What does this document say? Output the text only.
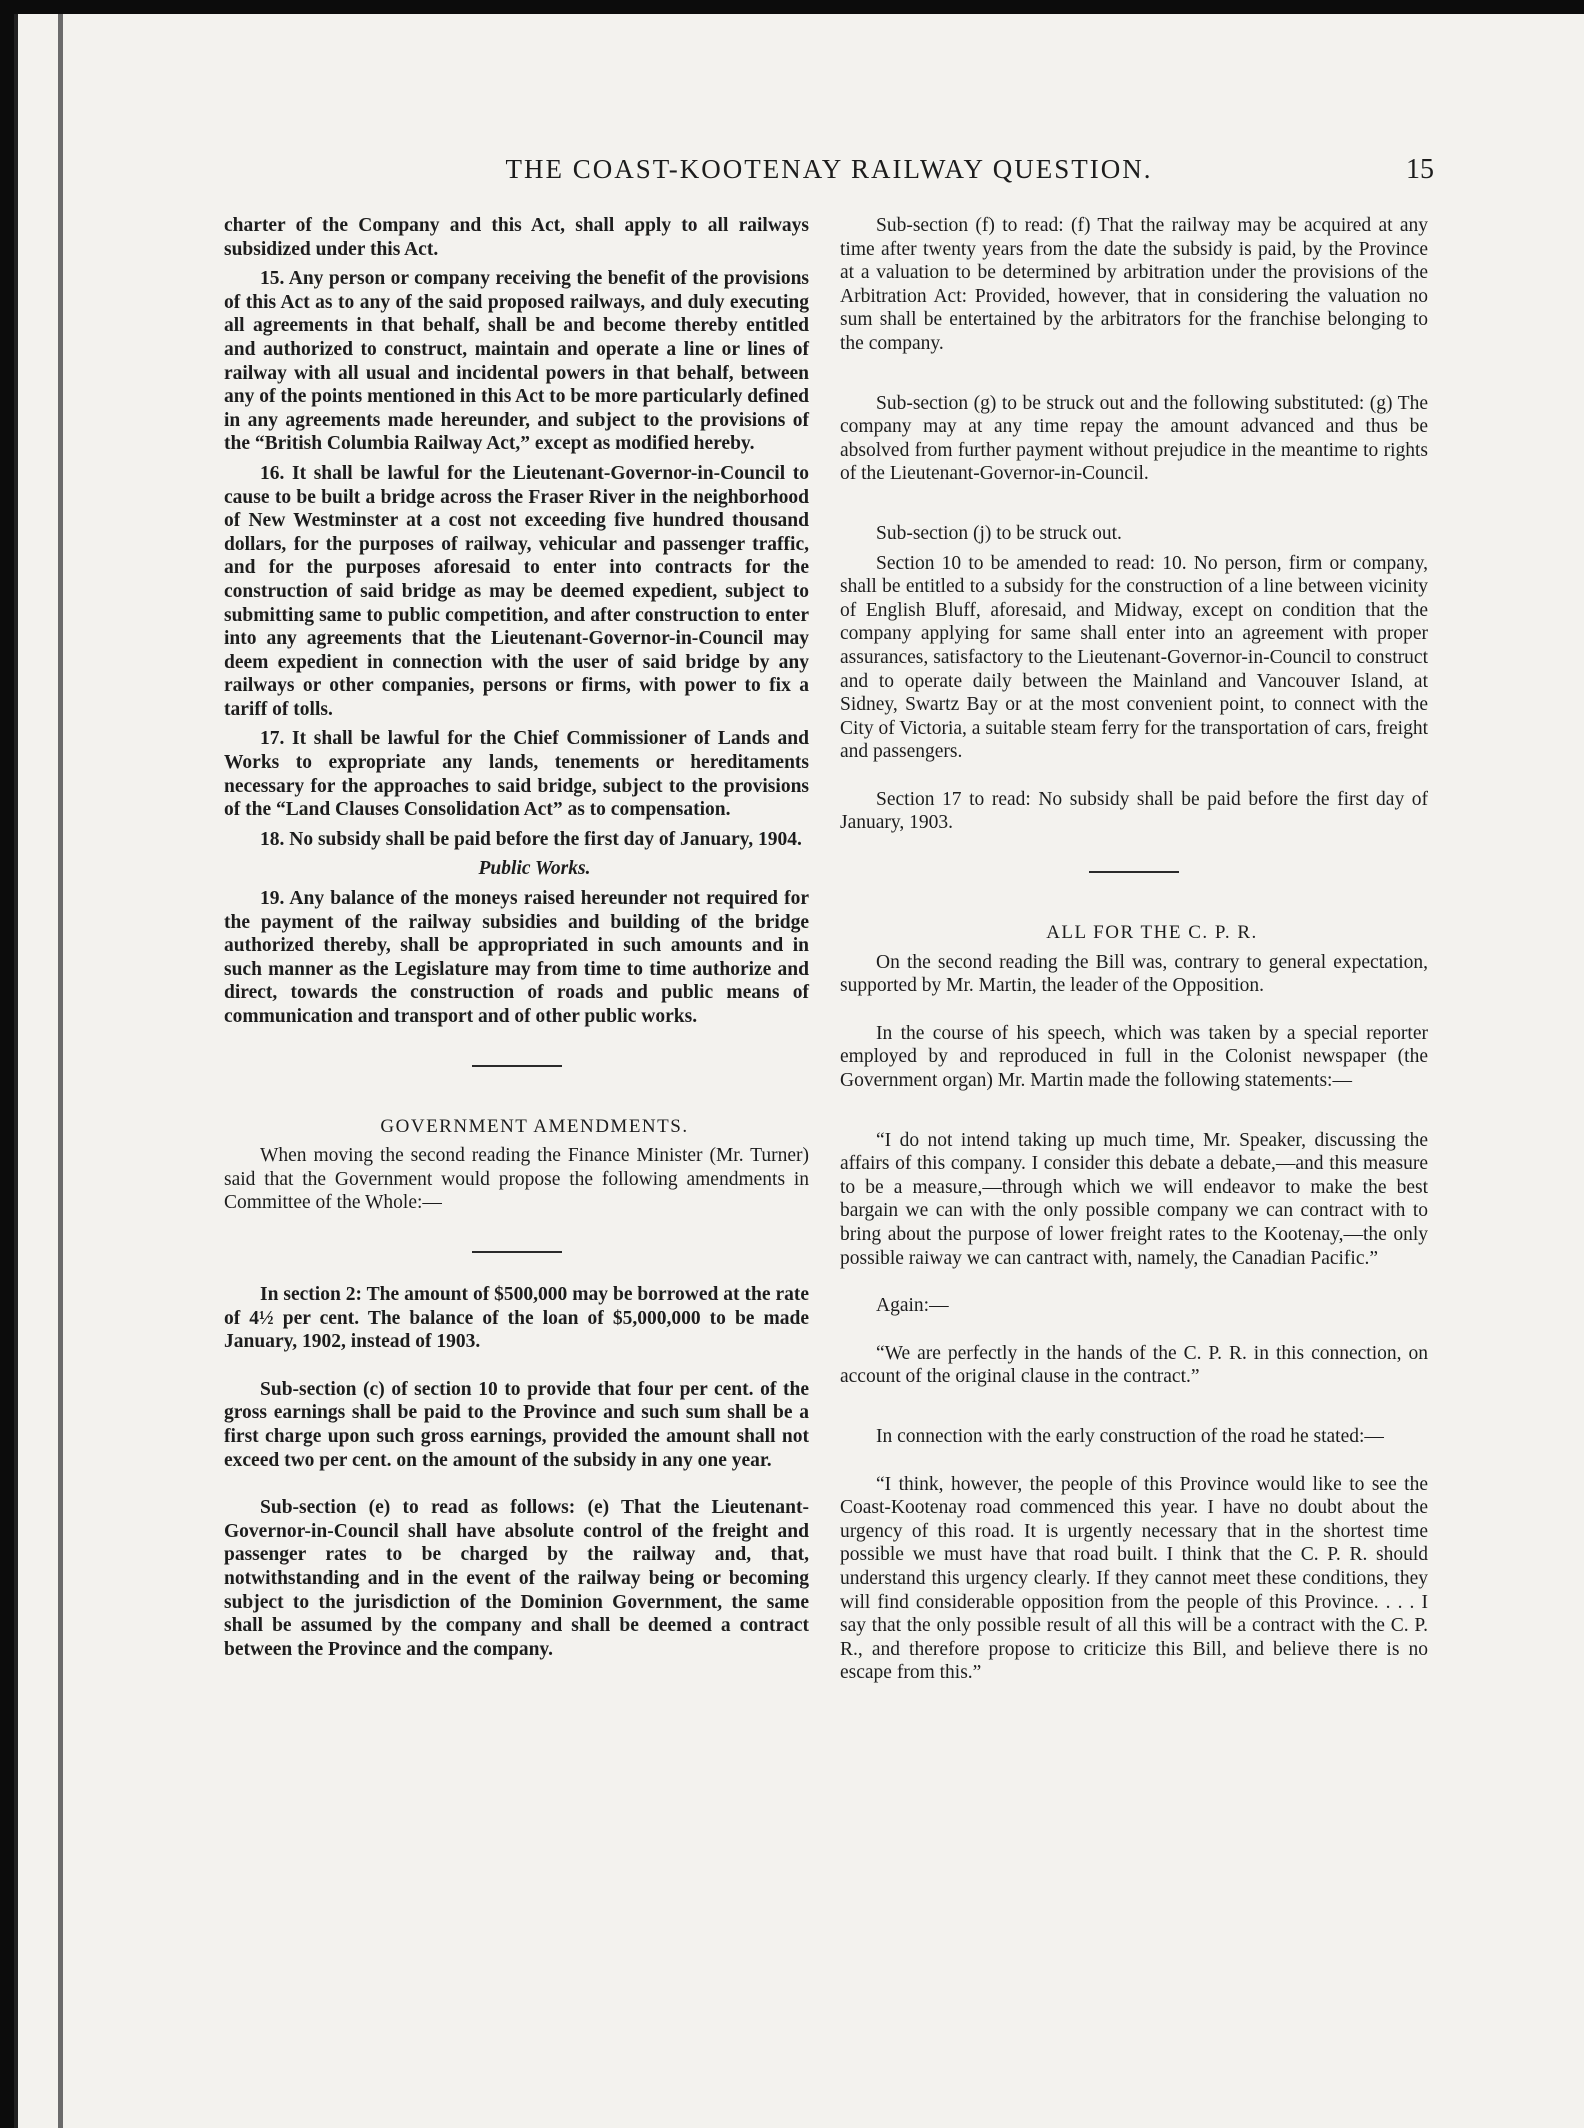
THE COAST-KOOTENAY RAILWAY QUESTION.	15

charter of the Company and this Act, shall apply to all railways subsidized under this Act.

15. Any person or company receiving the benefit of the provisions of this Act as to any of the said proposed railways, and duly executing all agreements in that behalf, shall be and become thereby entitled and authorized to construct, maintain and operate a line or lines of railway with all usual and incidental powers in that behalf, between any of the points mentioned in this Act to be more particularly defined in any agreements made hereunder, and subject to the provisions of the “British Columbia Railway Act,” except as modified hereby.

16. It shall be lawful for the Lieutenant-Governor-in-Council to cause to be built a bridge across the Fraser River in the neighborhood of New Westminster at a cost not exceeding five hundred thousand dollars, for the purposes of railway, vehicular and passenger traffic, and for the purposes aforesaid to enter into contracts for the construction of said bridge as may be deemed expedient, subject to submitting same to public competition, and after construction to enter into any agreements that the Lieutenant-Governor-in-Council may deem expedient in connection with the user of said bridge by any railways or other companies, persons or firms, with power to fix a tariff of tolls.

17. It shall be lawful for the Chief Commissioner of Lands and Works to expropriate any lands, tenements or hereditaments necessary for the approaches to said bridge, subject to the provisions of the “Land Clauses Consolidation Act” as to compensation.

18. No subsidy shall be paid before the first day of January, 1904.

Public Works.

19. Any balance of the moneys raised hereunder not required for the payment of the railway subsidies and building of the bridge authorized thereby, shall be appropriated in such amounts and in such manner as the Legislature may from time to time authorize and direct, towards the construction of roads and public means of communication and transport and of other public works.

GOVERNMENT AMENDMENTS.

When moving the second reading the Finance Minister (Mr. Turner) said that the Government would propose the following amendments in Committee of the Whole:—

In section 2: The amount of $500,000 may be borrowed at the rate of 4½ per cent. The balance of the loan of $5,000,000 to be made January, 1902, instead of 1903.

Sub-section (c) of section 10 to provide that four per cent. of the gross earnings shall be paid to the Province and such sum shall be a first charge upon such gross earnings, provided the amount shall not exceed two per cent. on the amount of the subsidy in any one year.

Sub-section (e) to read as follows: (e) That the Lieutenant-Governor-in-Council shall have absolute control of the freight and passenger rates to be charged by the railway and, that, notwithstanding and in the event of the railway being or becoming subject to the jurisdiction of the Dominion Government, the same shall be assumed by the company and shall be deemed a contract between the Province and the company.

Sub-section (f) to read: (f) That the railway may be acquired at any time after twenty years from the date the subsidy is paid, by the Province at a valuation to be determined by arbitration under the provisions of the Arbitration Act: Provided, however, that in considering the valuation no sum shall be entertained by the arbitrators for the franchise belonging to the company.

Sub-section (g) to be struck out and the following substituted: (g) The company may at any time repay the amount advanced and thus be absolved from further payment without prejudice in the meantime to rights of the Lieutenant-Governor-in-Council.

Sub-section (j) to be struck out.

Section 10 to be amended to read: 10. No person, firm or company, shall be entitled to a subsidy for the construction of a line between vicinity of English Bluff, aforesaid, and Midway, except on condition that the company applying for same shall enter into an agreement with proper assurances, satisfactory to the Lieutenant-Governor-in-Council to construct and to operate daily between the Mainland and Vancouver Island, at Sidney, Swartz Bay or at the most convenient point, to connect with the City of Victoria, a suitable steam ferry for the transportation of cars, freight and passengers.

Section 17 to read: No subsidy shall be paid before the first day of January, 1903.

ALL FOR THE C. P. R.

On the second reading the Bill was, contrary to general expectation, supported by Mr. Martin, the leader of the Opposition.

In the course of his speech, which was taken by a special reporter employed by and reproduced in full in the Colonist newspaper (the Government organ) Mr. Martin made the following statements:—

“I do not intend taking up much time, Mr. Speaker, discussing the affairs of this company. I consider this debate a debate,—and this measure to be a measure,—through which we will endeavor to make the best bargain we can with the only possible company we can contract with to bring about the purpose of lower freight rates to the Kootenay,—the only possible raiway we can cantract with, namely, the Canadian Pacific.”

Again:—

“We are perfectly in the hands of the C. P. R. in this connection, on account of the original clause in the contract.”

In connection with the early construction of the road he stated:—

“I think, however, the people of this Province would like to see the Coast-Kootenay road commenced this year. I have no doubt about the urgency of this road. It is urgently necessary that in the shortest time possible we must have that road built. I think that the C. P. R. should understand this urgency clearly. If they cannot meet these conditions, they will find considerable opposition from the people of this Province. . . . I say that the only possible result of all this will be a contract with the C. P. R., and therefore propose to criticize this Bill, and believe there is no escape from this.”
